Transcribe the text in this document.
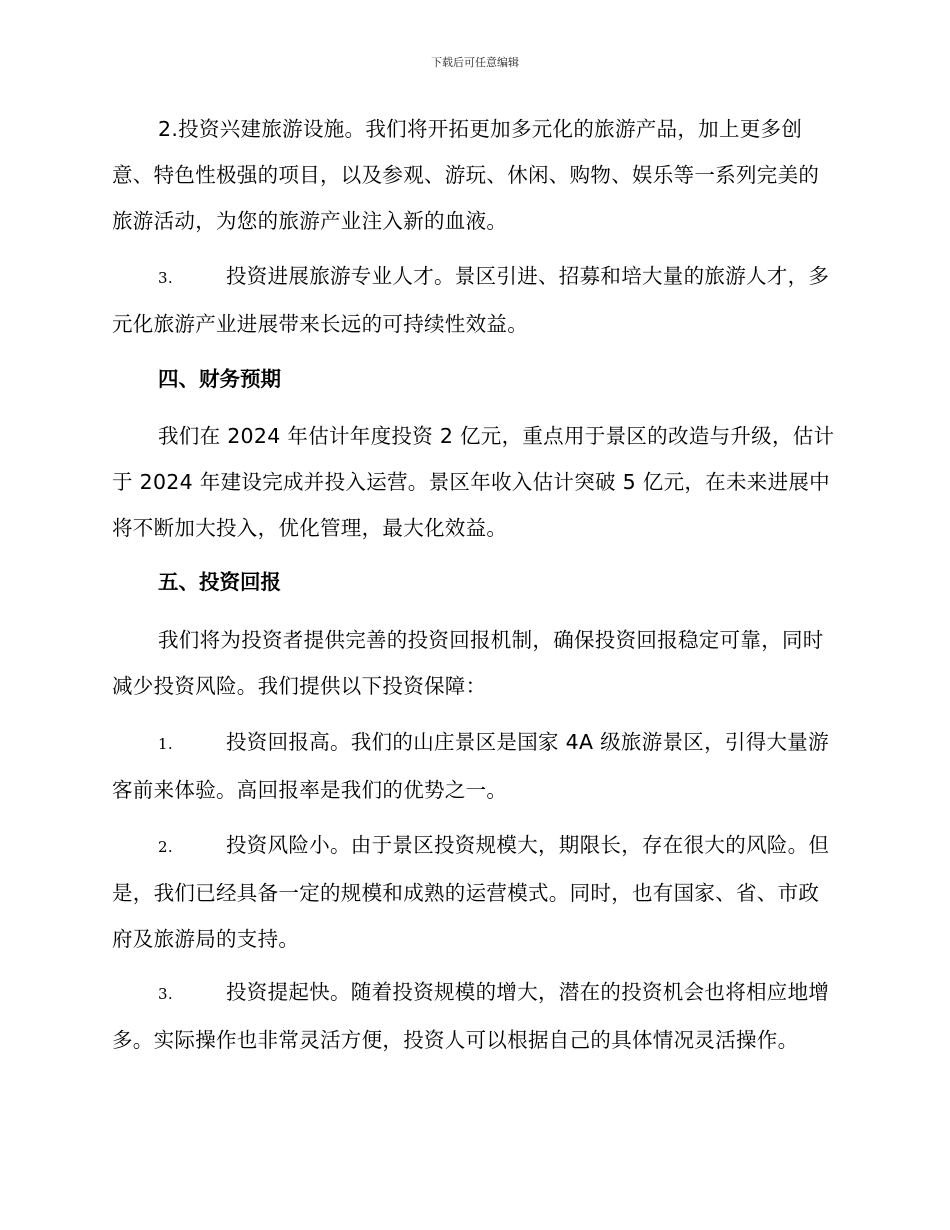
下载后可任意编辑
2.投资兴建旅游设施。我们将开拓更加多元化的旅游产品，加上更多创意、特色性极强的项目，以及参观、游玩、休闲、购物、娱乐等一系列完美的旅游活动，为您的旅游产业注入新的血液。
3.	投资进展旅游专业人才。景区引进、招募和培大量的旅游人才，多元化旅游产业进展带来长远的可持续性效益。
四、财务预期
我们在 2024 年估计年度投资 2 亿元，重点用于景区的改造与升级，估计于 2024 年建设完成并投入运营。景区年收入估计突破 5 亿元，在未来进展中将不断加大投入，优化管理，最大化效益。
五、投资回报
我们将为投资者提供完善的投资回报机制，确保投资回报稳定可靠，同时减少投资风险。我们提供以下投资保障：
1.	投资回报高。我们的山庄景区是国家 4A 级旅游景区，引得大量游客前来体验。高回报率是我们的优势之一。
2.	投资风险小。由于景区投资规模大，期限长，存在很大的风险。但是，我们已经具备一定的规模和成熟的运营模式。同时，也有国家、省、市政府及旅游局的支持。
3.	投资提起快。随着投资规模的增大，潜在的投资机会也将相应地增多。实际操作也非常灵活方便，投资人可以根据自己的具体情况灵活操作。
